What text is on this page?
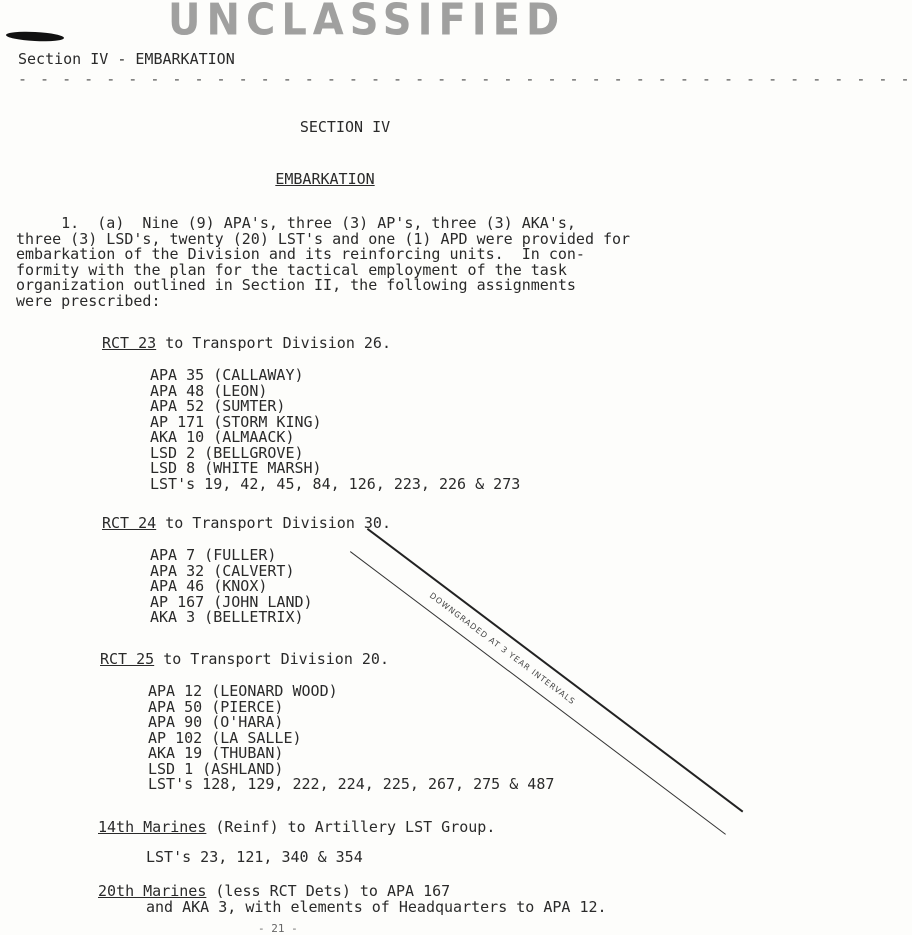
UNCLASSIFIED
Section IV - EMBARKATION
- - - - - - - - - - - - - - - - - - - - - - - - - - - - - - - - - - - - - - - - -
SECTION IV
EMBARKATION
1.  (a)  Nine (9) APA's, three (3) AP's, three (3) AKA's,
three (3) LSD's, twenty (20) LST's and one (1) APD were provided for
embarkation of the Division and its reinforcing units.  In con-
formity with the plan for the tactical employment of the task
organization outlined in Section II, the following assignments
were prescribed:
RCT 23 to Transport Division 26.
APA 35 (CALLAWAY)
APA 48 (LEON)
APA 52 (SUMTER)
AP 171 (STORM KING)
AKA 10 (ALMAACK)
LSD 2 (BELLGROVE)
LSD 8 (WHITE MARSH)
LST's 19, 42, 45, 84, 126, 223, 226 & 273
RCT 24 to Transport Division 30.
APA 7 (FULLER)
APA 32 (CALVERT)
APA 46 (KNOX)
AP 167 (JOHN LAND)
AKA 3 (BELLETRIX)
RCT 25 to Transport Division 20.
APA 12 (LEONARD WOOD)
APA 50 (PIERCE)
APA 90 (O'HARA)
AP 102 (LA SALLE)
AKA 19 (THUBAN)
LSD 1 (ASHLAND)
LST's 128, 129, 222, 224, 225, 267, 275 & 487
14th Marines (Reinf) to Artillery LST Group.
LST's 23, 121, 340 & 354
20th Marines (less RCT Dets) to APA 167
and AKA 3, with elements of Headquarters to APA 12.
DOWNGRADED AT 3 YEAR INTERVALS
- 21 -
